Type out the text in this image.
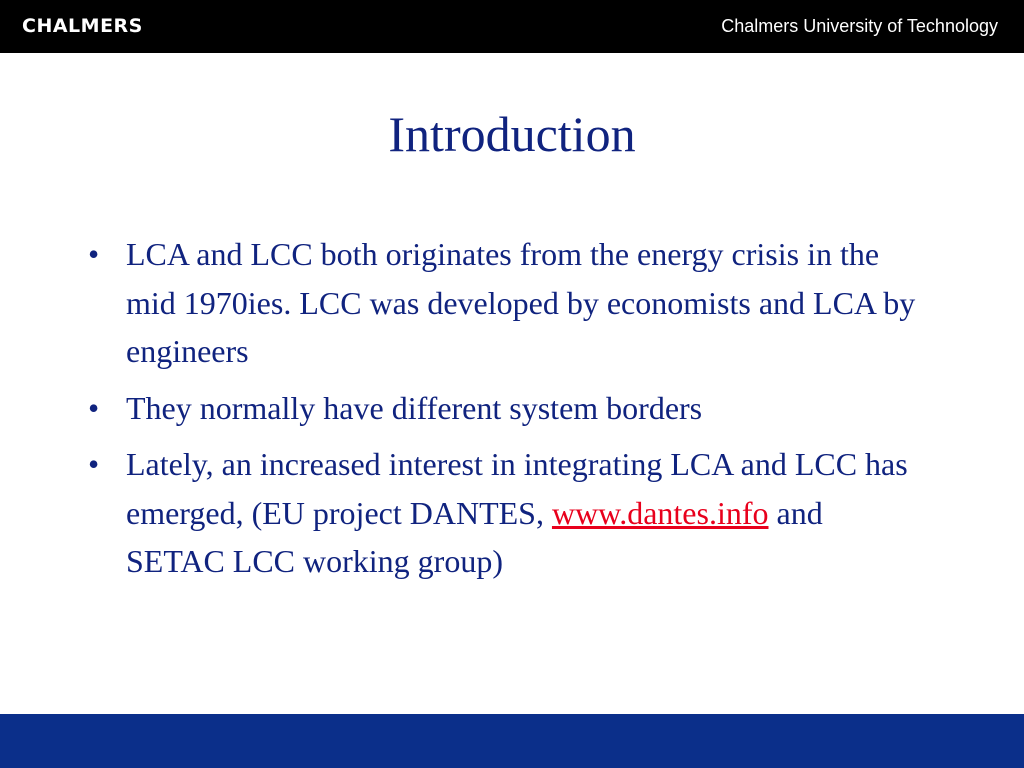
CHALMERS	Chalmers University of Technology
Introduction
• LCA and LCC both originates from the energy crisis in the mid 1970ies. LCC was developed by economists and LCA by engineers
• They normally have different system borders
• Lately, an increased interest in integrating LCA and LCC has emerged, (EU project DANTES, www.dantes.info and SETAC LCC working group)
